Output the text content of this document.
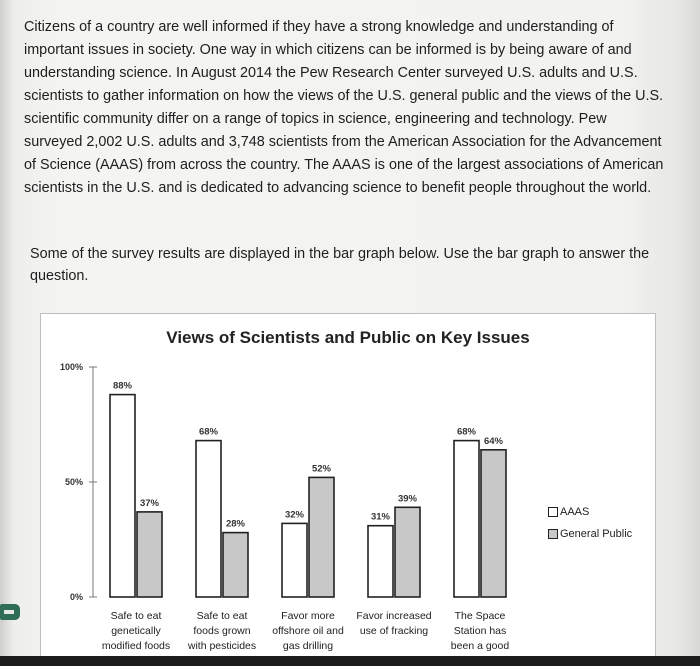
Citizens of a country are well informed if they have a strong knowledge and understanding of important issues in society. One way in which citizens can be informed is by being aware of and understanding science. In August 2014 the Pew Research Center surveyed U.S. adults and U.S. scientists to gather information on how the views of the U.S. general public and the views of the U.S. scientific community differ on a range of topics in science, engineering and technology. Pew surveyed 2,002 U.S. adults and 3,748 scientists from the American Association for the Advancement of Science (AAAS) from across the country. The AAAS is one of the largest associations of American scientists in the U.S. and is dedicated to advancing science to benefit people throughout the world.

Some of the survey results are displayed in the bar graph below. Use the bar graph to answer the question.

Views of Scientists and Public on Key Issues
0%
50%
100%
88%
37%
Safe to eat
genetically
modified foods
68%
28%
Safe to eat
foods grown
with pesticides
32%
52%
Favor more
offshore oil and
gas drilling
31%
39%
Favor increased
use of fracking
68%
64%
The Space
Station has
been a good
AAAS
General Public
